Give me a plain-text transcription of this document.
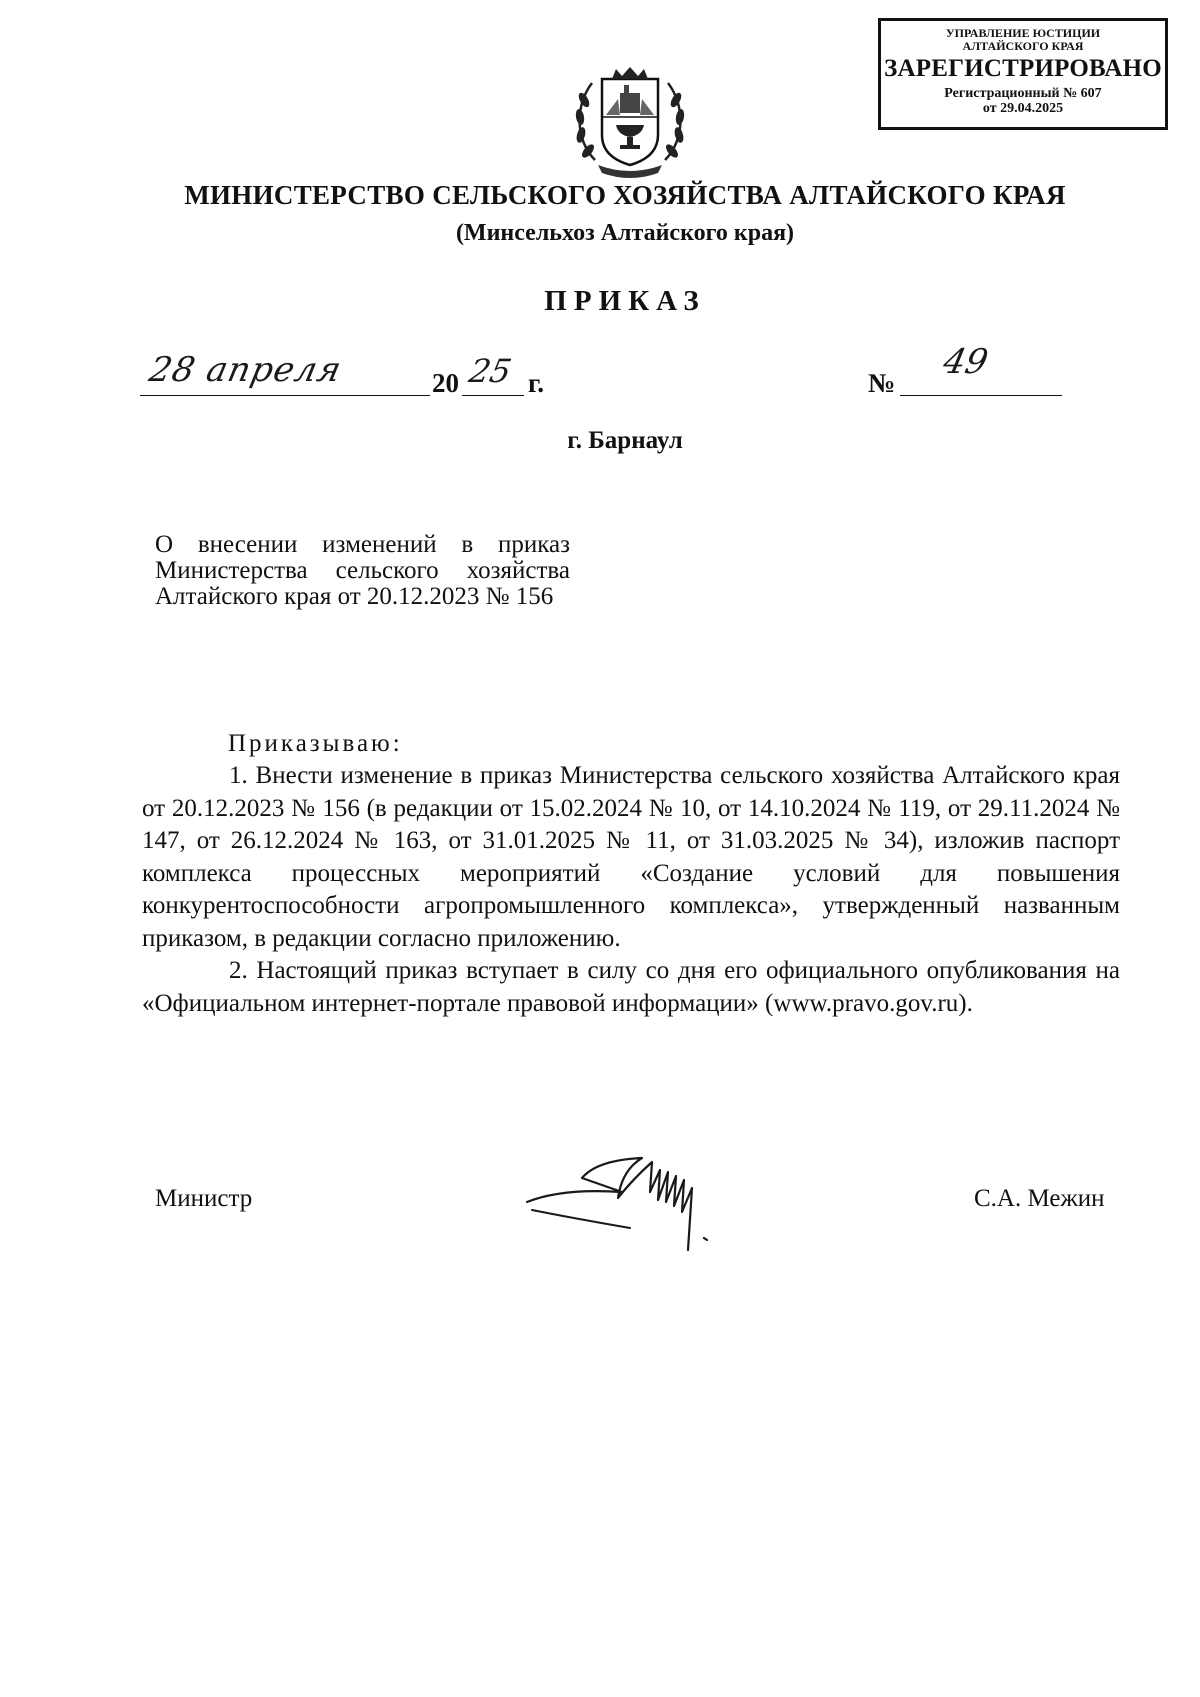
УПРАВЛЕНИЕ ЮСТИЦИИ
АЛТАЙСКОГО КРАЯ
ЗАРЕГИСТРИРОВАНО
Регистрационный № 607
от 29.04.2025
МИНИСТЕРСТВО СЕЛЬСКОГО ХОЗЯЙСТВА АЛТАЙСКОГО КРАЯ
(Минсельхоз Алтайского края)
ПРИКАЗ
28 апреля	20 25 г.	№
49
г. Барнаул
О внесении изменений в приказ Министерства сельского хозяйства Алтайского края от 20.12.2023 № 156
Приказываю:

1. Внести изменение в приказ Министерства сельского хозяйства Алтайского края от 20.12.2023 № 156 (в редакции от 15.02.2024 № 10, от 14.10.2024 № 119, от 29.11.2024 № 147, от 26.12.2024 № 163, от 31.01.2025 № 11, от 31.03.2025 № 34), изложив паспорт комплекса процессных мероприятий «Создание условий для повышения конкурентоспособности агропромышленного комплекса», утвержденный названным приказом, в редакции согласно приложению.

2. Настоящий приказ вступает в силу со дня его официального опубликования на «Официальном интернет-портале правовой информации» (www.pravo.gov.ru).

Министр	С.А. Межин
